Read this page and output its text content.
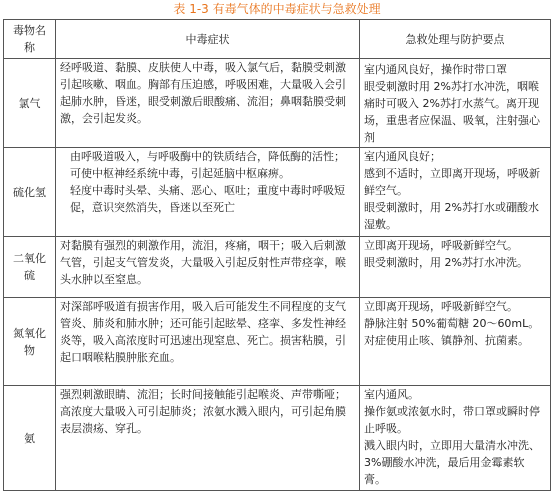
表 1-3 有毒气体的中毒症状与急救处理
毒物名称	中毒症状	急救处理与防护要点
氯气	经呼吸道、黏膜、皮肤使人中毒，吸入氯气后，黏膜受刺激引起咳嗽、咽血。胸部有压迫感，呼吸困难，大量吸入会引起肺水肿，昏迷，眼受刺激后眼酸痛、流泪；鼻咽黏膜受刺激，会引起发炎。	室内通风良好，操作时带口罩
眼受刺激时用 2%苏打水冲洗，咽喉痛时可吸入 2%苏打水蒸气。离开现场，重患者应保温、吸氧，注射强心剂

硫化氢	由呼吸道吸入，与呼吸酶中的铁质结合，降低酶的活性；可使中枢神经系统中毒，引起延脑中枢麻痹。
轻度中毒时头晕、头痛、恶心、呕吐；重度中毒时呼吸短促，意识突然消失，昏迷以至死亡	室内通风良好；
感到不适时，立即离开现场，呼吸新鲜空气。
眼受刺激时，用 2%苏打水或硼酸水湿敷。

二氧化硫	对黏膜有强烈的刺激作用，流泪，疼痛，咽干；吸入后刺激气管，引起支气管发炎，大量吸入引起反射性声带痉挛，喉头水肿以至窒息。	立即离开现场，呼吸新鲜空气。
眼受刺激时，用 2%苏打水冲洗。

氮氧化物	对深部呼吸道有损害作用，吸入后可能发生不同程度的支气管炎、肺炎和肺水肿；还可能引起眩晕、痉挛、多发性神经炎等，吸入高浓度时可迅速出现窒息、死亡。损害粘膜，引起口咽喉粘膜肿胀充血。	立即离开现场，呼吸新鲜空气。
静脉注射 50%葡萄糖 20～60mL。对症使用止咳、镇静剂、抗菌素。

氨	强烈刺激眼睛、流泪；长时间接触能引起喉炎、声带嘶哑；高浓度大量吸入可引起肺炎；浓氨水溅入眼内，可引起角膜表层溃疡、穿孔。	室内通风。
操作氨或浓氨水时，带口罩或瞬时停止呼吸。
溅入眼内时，立即用大量清水冲洗、3%硼酸水冲洗，最后用金霉素软膏。
